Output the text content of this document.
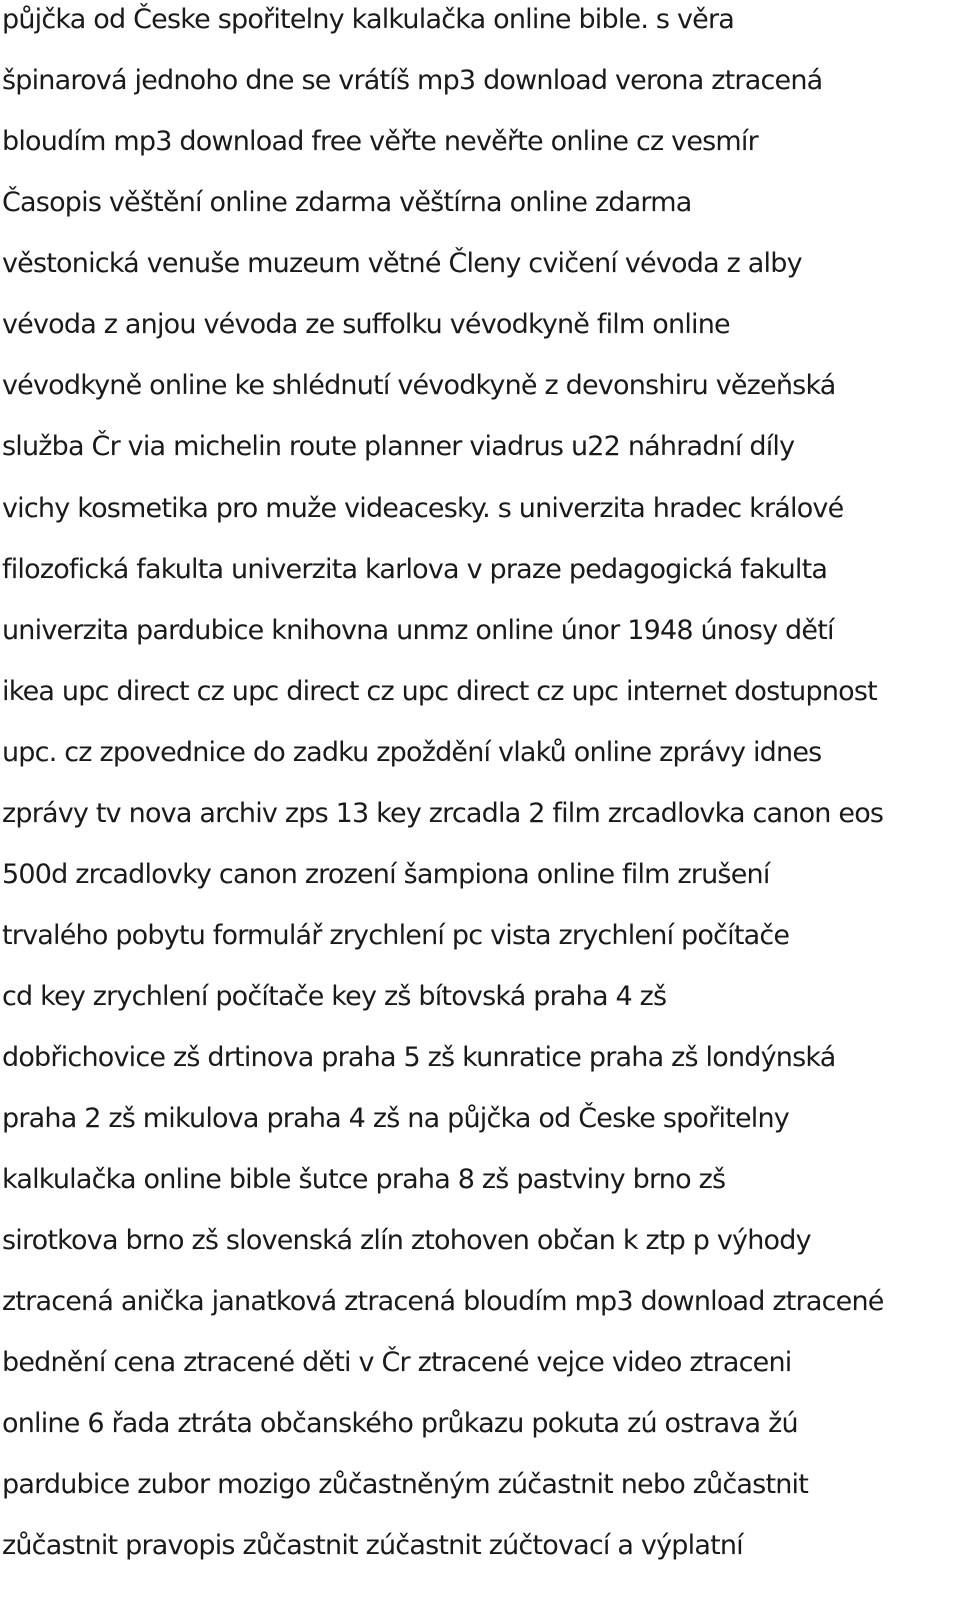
půjčka od Česke spořitelny kalkulačka online bible. s věra
špinarová jednoho dne se vrátíš mp3 download verona ztracená
bloudím mp3 download free věřte nevěřte online cz vesmír
Časopis věštění online zdarma věštírna online zdarma
věstonická venuše muzeum větné Členy cvičení vévoda z alby
vévoda z anjou vévoda ze suffolku vévodkyně film online
vévodkyně online ke shlédnutí vévodkyně z devonshiru vězeňská
služba Čr via michelin route planner viadrus u22 náhradní díly
vichy kosmetika pro muže videacesky. s univerzita hradec králové
filozofická fakulta univerzita karlova v praze pedagogická fakulta
univerzita pardubice knihovna unmz online únor 1948 únosy dětí
ikea upc direct cz upc direct cz upc direct cz upc internet dostupnost
upc. cz zpovednice do zadku zpoždění vlaků online zprávy idnes
zprávy tv nova archiv zps 13 key zrcadla 2 film zrcadlovka canon eos
500d zrcadlovky canon zrození šampiona online film zrušení
trvalého pobytu formulář zrychlení pc vista zrychlení počítače
cd key zrychlení počítače key zš bítovská praha 4 zš
dobřichovice zš drtinova praha 5 zš kunratice praha zš londýnská
praha 2 zš mikulova praha 4 zš na půjčka od Česke spořitelny
kalkulačka online bible šutce praha 8 zš pastviny brno zš
sirotkova brno zš slovenská zlín ztohoven občan k ztp p výhody
ztracená anička janatková ztracená bloudím mp3 download ztracené
bednění cena ztracené děti v Čr ztracené vejce video ztraceni
online 6 řada ztráta občanského průkazu pokuta zú ostrava žú
pardubice zubor mozigo zůčastněným zúčastnit nebo zůčastnit
zůčastnit pravopis zůčastnit zúčastnit zúčtovací a výplatní
